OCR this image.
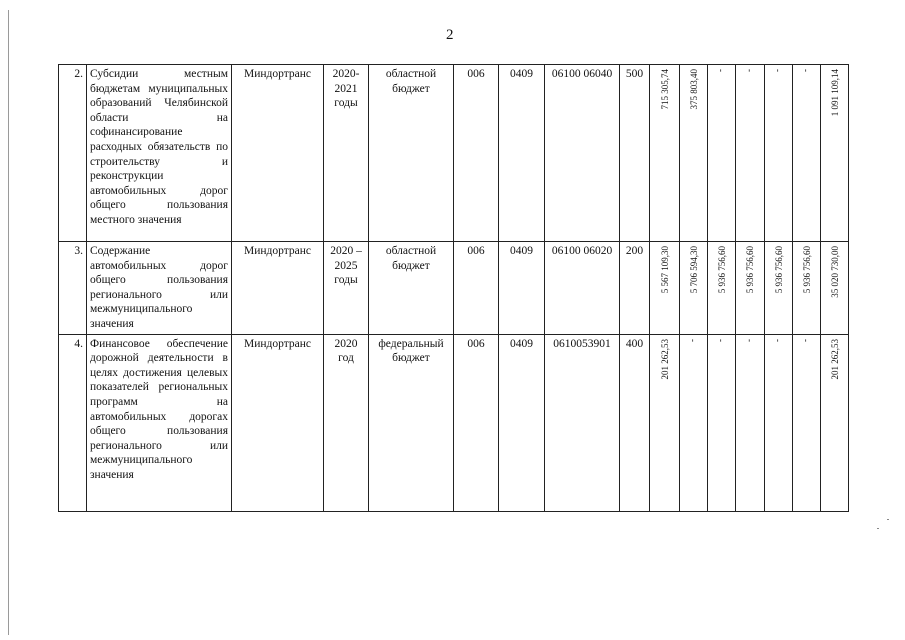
2
2.	Субсидии местным бюджетам муниципальных образований Челябинской области на софинансирование расходных обязательств по строительству и реконструкции автомобильных дорог общего пользования местного значения	Миндортранс	2020-2021 годы	областной бюджет	006	0409	06100 06040	500	715 305,74	375 803,40	-	-	-	-	1 091 109,14

3.	Содержание автомобильных дорог общего пользования регионального или межмуниципального значения	Миндортранс	2020 – 2025 годы	областной бюджет	006	0409	06100 06020	200	5 567 109,30	5 706 594,30	5 936 756,60	5 936 756,60	5 936 756,60	5 936 756,60	35 020 730,00

4.	Финансовое обеспечение дорожной деятельности в целях достижения целевых показателей региональных программ на автомобильных дорогах общего пользования регионального или межмуниципального значения	Миндортранс	2020 год	федеральный бюджет	006	0409	0610053901	400	201 262,53	-	-	-	-	-	201 262,53
